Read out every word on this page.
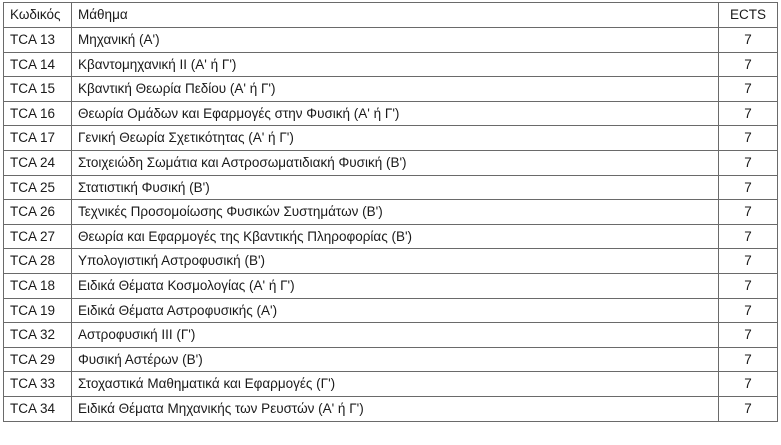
Κωδικός	Μάθημα	ECTS
TCA 13	Μηχανική (Α')	7
TCA 14	Κβαντομηχανική II (Α' ή Γ')	7
TCA 15	Κβαντική Θεωρία Πεδίου (Α' ή Γ')	7
TCA 16	Θεωρία Ομάδων και Εφαρμογές στην Φυσική (Α' ή Γ')	7
TCA 17	Γενική Θεωρία Σχετικότητας (Α' ή Γ')	7
TCA 24	Στοιχειώδη Σωμάτια και Αστροσωματιδιακή Φυσική (Β')	7
TCA 25	Στατιστική Φυσική (Β')	7
TCA 26	Τεχνικές Προσομοίωσης Φυσικών Συστημάτων (Β')	7
TCA 27	Θεωρία και Εφαρμογές της Κβαντικής Πληροφορίας (Β')	7
TCA 28	Υπολογιστική Αστροφυσική (Β')	7
TCA 18	Ειδικά Θέματα Κοσμολογίας (Α' ή Γ')	7
TCA 19	Ειδικά Θέματα Αστροφυσικής (Α')	7
TCA 32	Αστροφυσική III (Γ')	7
TCA 29	Φυσική Αστέρων (Β')	7
TCA 33	Στοχαστικά Μαθηματικά και Εφαρμογές (Γ')	7
TCA 34	Ειδικά Θέματα Μηχανικής των Ρευστών (Α' ή Γ')	7
